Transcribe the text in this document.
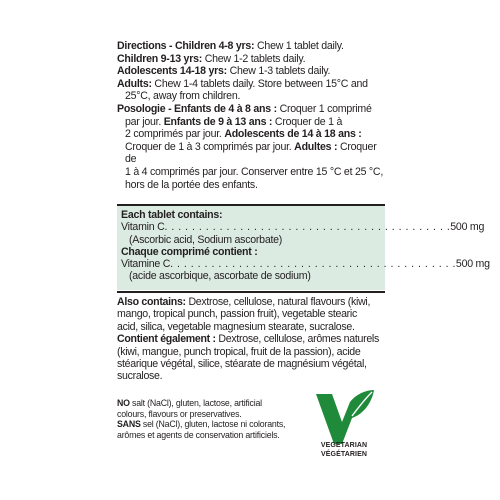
Directions - Children 4-8 yrs: Chew 1 tablet daily.

Children 9-13 yrs: Chew 1-2 tablets daily.

Adolescents 14-18 yrs: Chew 1-3 tablets daily.

Adults: Chew 1-4 tablets daily. Store between 15°C and

25°C, away from children.

Posologie - Enfants de 4 à 8 ans : Croquer 1 comprimé

par jour. Enfants de 9 à 13 ans : Croquer de 1 à

2 comprimés par jour. Adolescents de 14 à 18 ans :

Croquer de 1 à 3 comprimés par jour. Adultes : Croquer de

1 à 4 comprimés par jour. Conserver entre 15 °C et 25 °C,

hors de la portée des enfants.

Each tablet contains:
Vitamin C . . . . . . . . . . . . . . . . . . . . . . . . . . . . . . . . . . . . . . . . . . 500 mg
(Ascorbic acid, Sodium ascorbate)
Chaque comprimé contient :
Vitamine C . . . . . . . . . . . . . . . . . . . . . . . . . . . . . . . . . . . . . . . . . . 500 mg
(acide ascorbique, ascorbate de sodium)
Also contains: Dextrose, cellulose, natural flavours (kiwi,
mango, tropical punch, passion fruit), vegetable stearic
acid, silica, vegetable magnesium stearate, sucralose.
Contient également : Dextrose, cellulose, arômes naturels
(kiwi, mangue, punch tropical, fruit de la passion), acide
stéarique végétal, silice, stéarate de magnésium végétal,
sucralose.
NO salt (NaCl), gluten, lactose, artificial
colours, flavours or preservatives.
SANS sel (NaCl), gluten, lactose ni colorants,
arômes et agents de conservation artificiels.
VEGETARIAN
VÉGÉTARIEN
